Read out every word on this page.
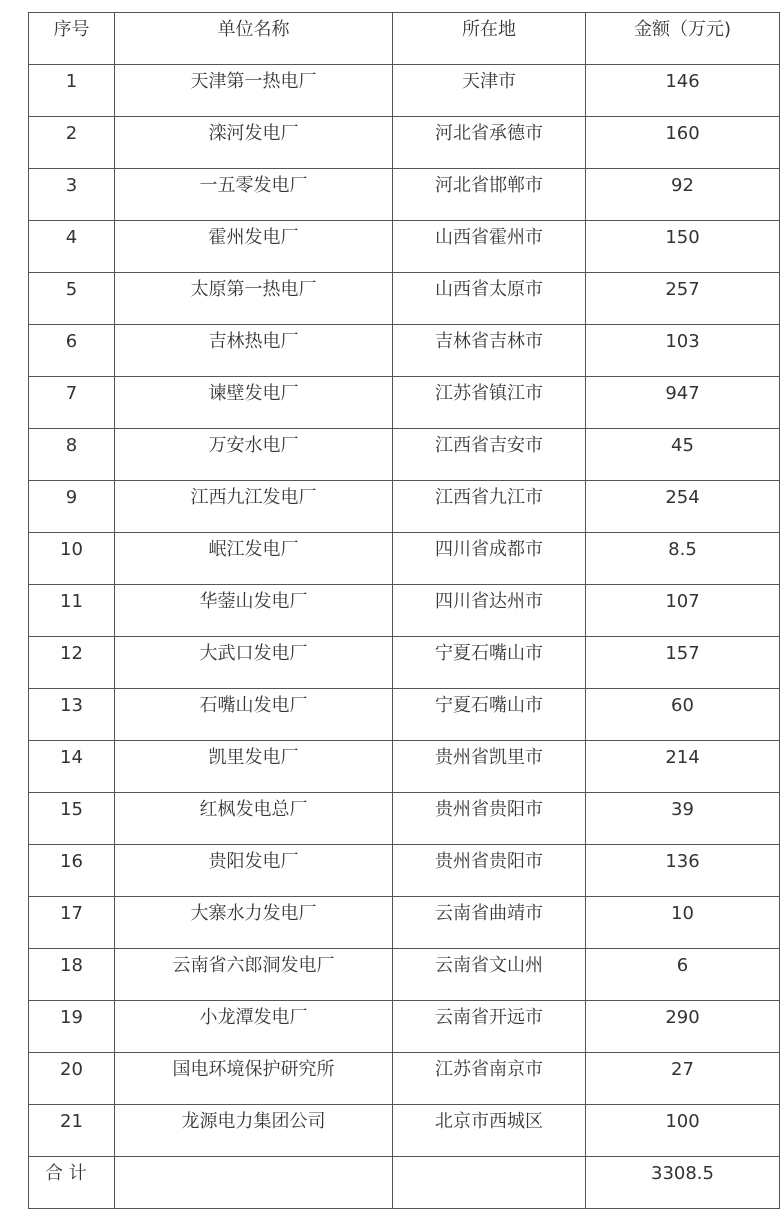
序号	单位名称	所在地	金额（万元)

1	天津第一热电厂	天津市	146

2	滦河发电厂	河北省承德市	160

3	一五零发电厂	河北省邯郸市	92

4	霍州发电厂	山西省霍州市	150

5	太原第一热电厂	山西省太原市	257

6	吉林热电厂	吉林省吉林市	103

7	谏壁发电厂	江苏省镇江市	947

8	万安水电厂	江西省吉安市	45

9	江西九江发电厂	江西省九江市	254

10	岷江发电厂	四川省成都市	8.5

11	华蓥山发电厂	四川省达州市	107

12	大武口发电厂	宁夏石嘴山市	157

13	石嘴山发电厂	宁夏石嘴山市	60

14	凯里发电厂	贵州省凯里市	214

15	红枫发电总厂	贵州省贵阳市	39

16	贵阳发电厂	贵州省贵阳市	136

17	大寨水力发电厂	云南省曲靖市	10

18	云南省六郎洞发电厂	云南省文山州	6

19	小龙潭发电厂	云南省开远市	290

20	国电环境保护研究所	江苏省南京市	27

21	龙源电力集团公司	北京市西城区	100

合 计			3308.5
